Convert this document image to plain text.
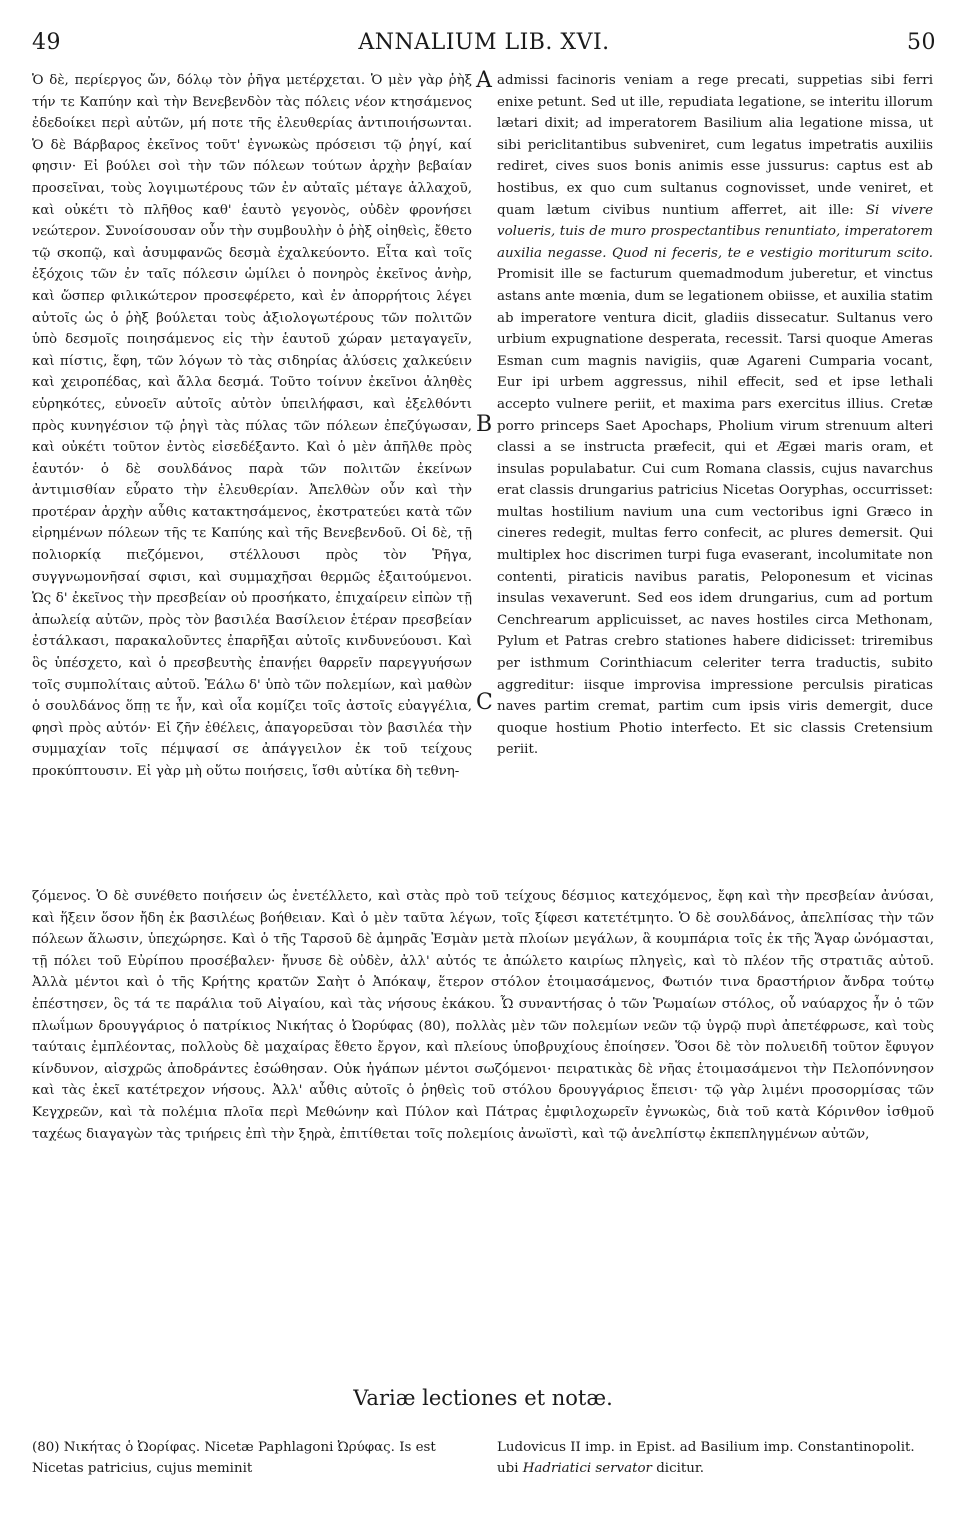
49	ANNALIUM LIB. XVI.	50

Ὁ δὲ, περίεργος ὤν, δόλῳ τὸν ῥῆγα μετέρχεται. Ὁ μὲν γὰρ ῥὴξ τήν τε Καπύην καὶ τὴν Βενεβενδὸν τὰς πόλεις νέον κτησάμενος ἐδεδοίκει περὶ αὐτῶν, μή ποτε τῆς ἐλευθερίας ἀντιποιήσωνται. Ὁ δὲ Βάρβαρος ἐκεῖνος τοῦτ' ἐγνωκὼς πρόσεισι τῷ ῥηγί, καί φησιν· Εἰ βούλει σοὶ τὴν τῶν πόλεων τούτων ἀρχὴν βεβαίαν προσεῖναι, τοὺς λογιμωτέρους τῶν ἐν αὐταῖς μέταγε ἀλλαχοῦ, καὶ οὐκέτι τὸ πλῆθος καθ' ἑαυτὸ γεγονὸς, οὐδὲν φρονήσει νεώτερον. Συνοίσουσαν οὖν τὴν συμβουλὴν ὁ ῥὴξ οἰηθεὶς, ἔθετο τῷ σκοπῷ, καὶ ἀσυμφανῶς δεσμὰ ἐχαλκεύοντο. Εἶτα καὶ τοῖς ἐξόχοις τῶν ἐν ταῖς πόλεσιν ὡμίλει ὁ πονηρὸς ἐκεῖνος ἀνὴρ, καὶ ὥσπερ φιλικώτερον προσεφέρετο, καὶ ἐν ἀπορρήτοις λέγει αὐτοῖς ὡς ὁ ῥὴξ βούλεται τοὺς ἀξιολογωτέρους τῶν πολιτῶν ὑπὸ δεσμοῖς ποιησάμενος εἰς τὴν ἑαυτοῦ χώραν μεταγαγεῖν, καὶ πίστις, ἔφη, τῶν λόγων τὸ τὰς σιδηρίας ἁλύσεις χαλκεύειν καὶ χειροπέδας, καὶ ἄλλα δεσμά. Τοῦτο τοίνυν ἐκεῖνοι ἀληθὲς εὑρηκότες, εὐνοεῖν αὐτοῖς αὐτὸν ὑπειλήφασι, καὶ ἐξελθόντι πρὸς κυνηγέσιον τῷ ῥηγὶ τὰς πύλας τῶν πόλεων ἐπεζύγωσαν, καὶ οὐκέτι τοῦτον ἐντὸς εἰσεδέξαντο. Καὶ ὁ μὲν ἀπῆλθε πρὸς ἑαυτόν· ὁ δὲ σουλδάνος παρὰ τῶν πολιτῶν ἐκείνων ἀντιμισθίαν εὗρατο τὴν ἐλευθερίαν. Ἀπελθὼν οὖν καὶ τὴν προτέραν ἀρχὴν αὖθις κατακτησάμενος, ἐκστρατεύει κατὰ τῶν εἰρημένων πόλεων τῆς τε Καπύης καὶ τῆς Βενεβενδοῦ. Οἱ δὲ, τῇ πολιορκίᾳ πιεζόμενοι, στέλλουσι πρὸς τὸν Ῥῆγα, συγγνωμονῆσαί σφισι, καὶ συμμαχῆσαι θερμῶς ἐξαιτούμενοι. Ὡς δ' ἐκεῖνος τὴν πρεσβείαν οὐ προσήκατο, ἐπιχαίρειν εἰπὼν τῇ ἀπωλείᾳ αὐτῶν, πρὸς τὸν βασιλέα Βασίλειον ἑτέραν πρεσβείαν ἐστάλκασι, παρακαλοῦντες ἐπαρῆξαι αὐτοῖς κινδυνεύουσι. Καὶ ὃς ὑπέσχετο, καὶ ὁ πρεσβευτὴς ἐπανῄει θαρρεῖν παρεγγυήσων τοῖς συμπολίταις αὐτοῦ. Ἑάλω δ' ὑπὸ τῶν πολεμίων, καὶ μαθὼν ὁ σουλδάνος ὅπῃ τε ἦν, καὶ οἷα κομίζει τοῖς ἀστοῖς εὐαγγέλια, φησὶ πρὸς αὐτόν· Εἰ ζῆν ἐθέλεις, ἀπαγορεῦσαι τὸν βασιλέα τὴν συμμαχίαν τοῖς πέμψασί σε ἀπάγγειλον ἐκ τοῦ τείχους προκύπτουσιν. Εἰ γὰρ μὴ οὕτω ποιήσεις, ἴσθι αὐτίκα δὴ τεθνη-

A
B
C

admissi facinoris veniam a rege precati, suppetias sibi ferri enixe petunt. Sed ut ille, repudiata legatione, se interitu illorum lætari dixit; ad imperatorem Basilium alia legatione missa, ut sibi periclitantibus subveniret, cum legatus impetratis auxiliis rediret, cives suos bonis animis esse jussurus: captus est ab hostibus, ex quo cum sultanus cognovisset, unde veniret, et quam lætum civibus nuntium afferret, ait ille: Si vivere volueris, tuis de muro prospectantibus renuntiato, imperatorem auxilia negasse. Quod ni feceris, te e vestigio moriturum scito. Promisit ille se facturum quemadmodum juberetur, et vinctus astans ante mœnia, dum se legationem obiisse, et auxilia statim ab imperatore ventura dicit, gladiis dissecatur. Sultanus vero urbium expugnatione desperata, recessit. Tarsi quoque Ameras Esman cum magnis navigiis, quæ Agareni Cumparia vocant, Eur ipi urbem aggressus, nihil effecit, sed et ipse lethali accepto vulnere periit, et maxima pars exercitus illius. Cretæ porro princeps Saet Apochaps, Pholium virum strenuum alteri classi a se instructa præfecit, qui et Ægæi maris oram, et insulas populabatur. Cui cum Romana classis, cujus navarchus erat classis drungarius patricius Nicetas Ooryphas, occurrisset: multas hostilium navium una cum vectoribus igni Græco in cineres redegit, multas ferro confecit, ac plures demersit. Qui multiplex hoc discrimen turpi fuga evaserant, incolumitate non contenti, piraticis navibus paratis, Peloponesum et vicinas insulas vexaverunt. Sed eos idem drungarius, cum ad portum Cenchrearum applicuisset, ac naves hostiles circa Methonam, Pylum et Patras crebro stationes habere didicisset: triremibus per isthmum Corinthiacum celeriter terra traductis, subito aggreditur: iisque improvisa impressione perculsis piraticas naves partim cremat, partim cum ipsis viris demergit, duce quoque hostium Photio interfecto. Et sic classis Cretensium periit.

ζόμενος. Ὁ δὲ συνέθετο ποιήσειν ὡς ἐνετέλλετο, καὶ στὰς πρὸ τοῦ τείχους δέσμιος κατεχόμενος, ἔφη καὶ τὴν πρεσβείαν ἀνύσαι, καὶ ἥξειν ὅσον ἤδη ἐκ βασιλέως βοήθειαν. Καὶ ὁ μὲν ταῦτα λέγων, τοῖς ξίφεσι κατετέτμητο. Ὁ δὲ σουλδάνος, ἀπελπίσας τὴν τῶν πόλεων ἅλωσιν, ὑπεχώρησε. Καὶ ὁ τῆς Ταρσοῦ δὲ ἀμηρᾶς Ἐσμὰν μετὰ πλοίων μεγάλων, ἃ κουμπάρια τοῖς ἐκ τῆς Ἄγαρ ὠνόμασται, τῇ πόλει τοῦ Εὐρίπου προσέβαλεν· ἤνυσε δὲ οὐδὲν, ἀλλ' αὐτός τε ἀπώλετο καιρίως πληγεὶς, καὶ τὸ πλέον τῆς στρατιᾶς αὐτοῦ. Ἀλλὰ μέντοι καὶ ὁ τῆς Κρήτης κρατῶν Σαὴτ ὁ Ἀπόκαψ, ἕτερον στόλον ἑτοιμασάμενος, Φωτιόν τινα δραστήριον ἄνδρα τούτῳ ἐπέστησεν, ὃς τά τε παράλια τοῦ Αἰγαίου, καὶ τὰς νήσους ἐκάκου. Ὧ συναντήσας ὁ τῶν Ῥωμαίων στόλος, οὗ ναύαρχος ἦν ὁ τῶν πλωΐμων δρουγγάριος ὁ πατρίκιος Νικήτας ὁ Ὠορύφας (80), πολλὰς μὲν τῶν πολεμίων νεῶν τῷ ὑγρῷ πυρὶ ἀπετέφρωσε, καὶ τοὺς ταύταις ἐμπλέοντας, πολλοὺς δὲ μαχαίρας ἔθετο ἔργον, καὶ πλείους ὑποβρυχίους ἐποίησεν. Ὅσοι δὲ τὸν πολυειδῆ τοῦτον ἔφυγον κίνδυνον, αἰσχρῶς ἀποδράντες ἐσώθησαν. Οὐκ ἠγάπων μέντοι σωζόμενοι· πειρατικὰς δὲ νῆας ἑτοιμασάμενοι τὴν Πελοπόννησον καὶ τὰς ἐκεῖ κατέτρεχον νήσους. Ἀλλ' αὖθις αὐτοῖς ὁ ῥηθεὶς τοῦ στόλου δρουγγάριος ἔπεισι· τῷ γὰρ λιμένι προσορμίσας τῶν Κεγχρεῶν, καὶ τὰ πολέμια πλοῖα περὶ Μεθώνην καὶ Πύλον καὶ Πάτρας ἐμφιλοχωρεῖν ἐγνωκὼς, διὰ τοῦ κατὰ Κόρινθον ἰσθμοῦ ταχέως διαγαγὼν τὰς τριήρεις ἐπὶ τὴν ξηρὰ, ἐπιτίθεται τοῖς πολεμίοις ἀνωϊστὶ, καὶ τῷ ἀνελπίστῳ ἐκπεπληγμένων αὐτῶν,

Variæ lectiones et notæ.

(80) Νικήτας ὁ Ὠορίφας. Nicetæ Paphlagoni Ὠρύφας. Is est Nicetas patricius, cujus meminit

Ludovicus II imp. in Epist. ad Basilium imp. Constantinopolit. ubi Hadriatici servator dicitur.
